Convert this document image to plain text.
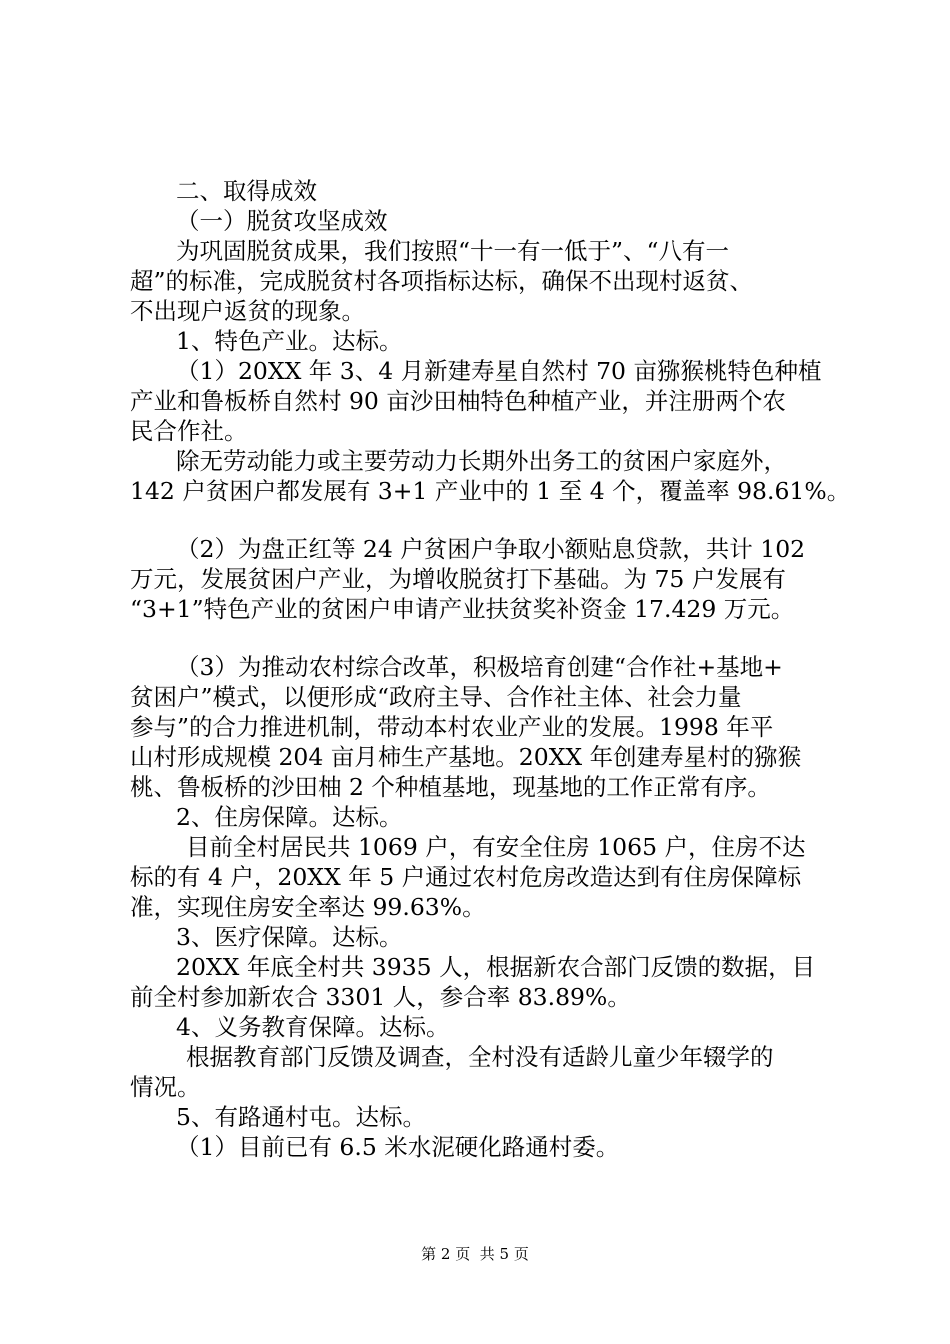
二、取得成效
（一）脱贫攻坚成效
为巩固脱贫成果，我们按照“十一有一低于”、“八有一
超”的标准，完成脱贫村各项指标达标，确保不出现村返贫、
不出现户返贫的现象。
1、特色产业。达标。
（1）20XX 年 3、4 月新建寿星自然村 70 亩猕猴桃特色种植
产业和鲁板桥自然村 90 亩沙田柚特色种植产业，并注册两个农
民合作社。
除无劳动能力或主要劳动力长期外出务工的贫困户家庭外，
142 户贫困户都发展有 3+1 产业中的 1 至 4 个，覆盖率 98.61%。
（2）为盘正红等 24 户贫困户争取小额贴息贷款，共计 102
万元，发展贫困户产业，为增收脱贫打下基础。为 75 户发展有
“3+1”特色产业的贫困户申请产业扶贫奖补资金 17.429 万元。
（3）为推动农村综合改革，积极培育创建“合作社+基地+
贫困户”模式，以便形成“政府主导、合作社主体、社会力量
参与”的合力推进机制，带动本村农业产业的发展。1998 年平
山村形成规模 204 亩月柿生产基地。20XX 年创建寿星村的猕猴
桃、鲁板桥的沙田柚 2 个种植基地，现基地的工作正常有序。
2、住房保障。达标。
目前全村居民共 1069 户，有安全住房 1065 户，住房不达
标的有 4 户，20XX 年 5 户通过农村危房改造达到有住房保障标
准，实现住房安全率达 99.63%。
3、医疗保障。达标。
20XX 年底全村共 3935 人，根据新农合部门反馈的数据，目
前全村参加新农合 3301 人，参合率 83.89%。
4、义务教育保障。达标。
根据教育部门反馈及调查，全村没有适龄儿童少年辍学的
情况。
5、有路通村屯。达标。
（1）目前已有 6.5 米水泥硬化路通村委。
第 2 页  共 5 页
